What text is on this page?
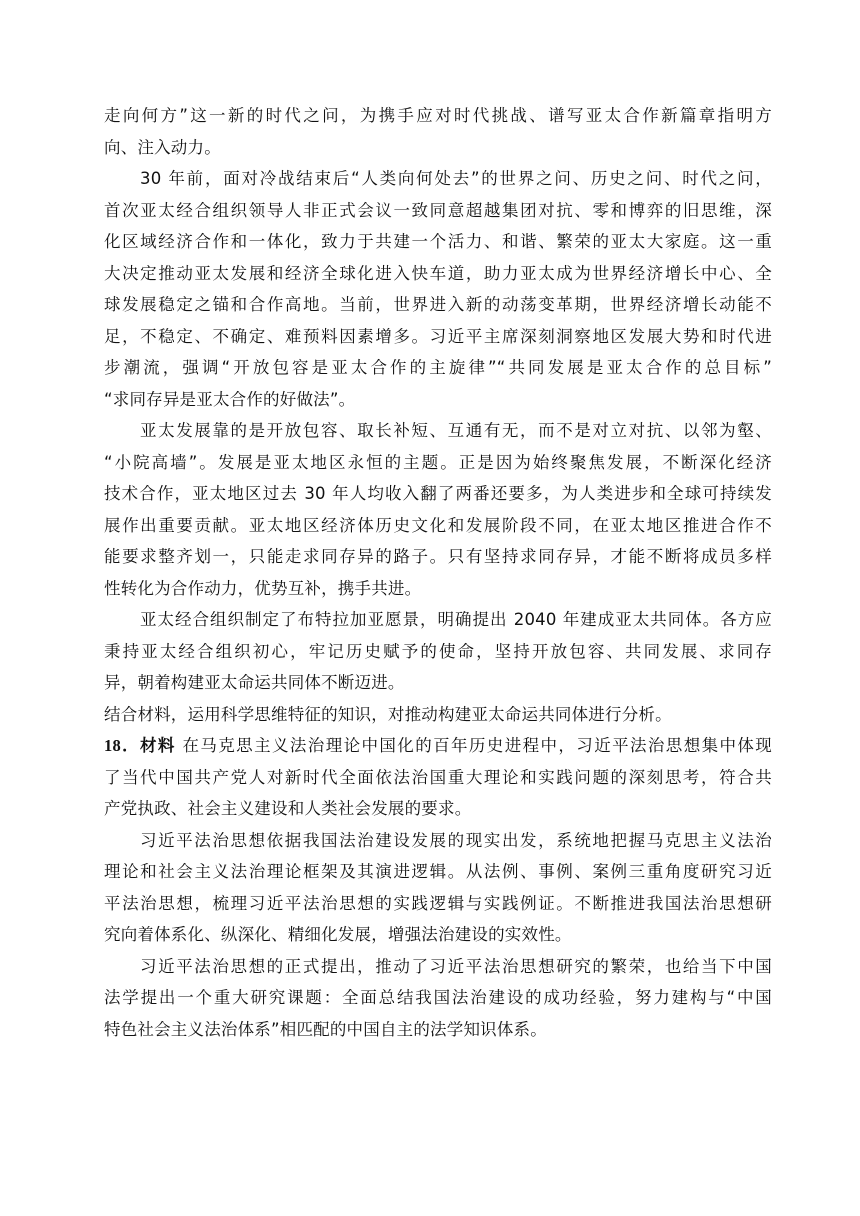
走向何方”这一新的时代之问，为携手应对时代挑战、谱写亚太合作新篇章指明方
向、注入动力。
30 年前，面对冷战结束后“人类向何处去”的世界之问、历史之问、时代之问，
首次亚太经合组织领导人非正式会议一致同意超越集团对抗、零和博弈的旧思维，深
化区域经济合作和一体化，致力于共建一个活力、和谐、繁荣的亚太大家庭。这一重
大决定推动亚太发展和经济全球化进入快车道，助力亚太成为世界经济增长中心、全
球发展稳定之锚和合作高地。当前，世界进入新的动荡变革期，世界经济增长动能不
足，不稳定、不确定、难预料因素增多。习近平主席深刻洞察地区发展大势和时代进
步潮流，强调“开放包容是亚太合作的主旋律”“共同发展是亚太合作的总目标”
“求同存异是亚太合作的好做法”。
亚太发展靠的是开放包容、取长补短、互通有无，而不是对立对抗、以邻为壑、
“小院高墙”。发展是亚太地区永恒的主题。正是因为始终聚焦发展，不断深化经济
技术合作，亚太地区过去 30 年人均收入翻了两番还要多，为人类进步和全球可持续发
展作出重要贡献。亚太地区经济体历史文化和发展阶段不同，在亚太地区推进合作不
能要求整齐划一，只能走求同存异的路子。只有坚持求同存异，才能不断将成员多样
性转化为合作动力，优势互补，携手共进。
亚太经合组织制定了布特拉加亚愿景，明确提出 2040 年建成亚太共同体。各方应
秉持亚太经合组织初心，牢记历史赋予的使命，坚持开放包容、共同发展、求同存
异，朝着构建亚太命运共同体不断迈进。
结合材料，运用科学思维特征的知识，对推动构建亚太命运共同体进行分析。
18．材料 在马克思主义法治理论中国化的百年历史进程中，习近平法治思想集中体现
了当代中国共产党人对新时代全面依法治国重大理论和实践问题的深刻思考，符合共
产党执政、社会主义建设和人类社会发展的要求。
习近平法治思想依据我国法治建设发展的现实出发，系统地把握马克思主义法治
理论和社会主义法治理论框架及其演进逻辑。从法例、事例、案例三重角度研究习近
平法治思想，梳理习近平法治思想的实践逻辑与实践例证。不断推进我国法治思想研
究向着体系化、纵深化、精细化发展，增强法治建设的实效性。
习近平法治思想的正式提出，推动了习近平法治思想研究的繁荣，也给当下中国
法学提出一个重大研究课题：全面总结我国法治建设的成功经验，努力建构与“中国
特色社会主义法治体系”相匹配的中国自主的法学知识体系。
